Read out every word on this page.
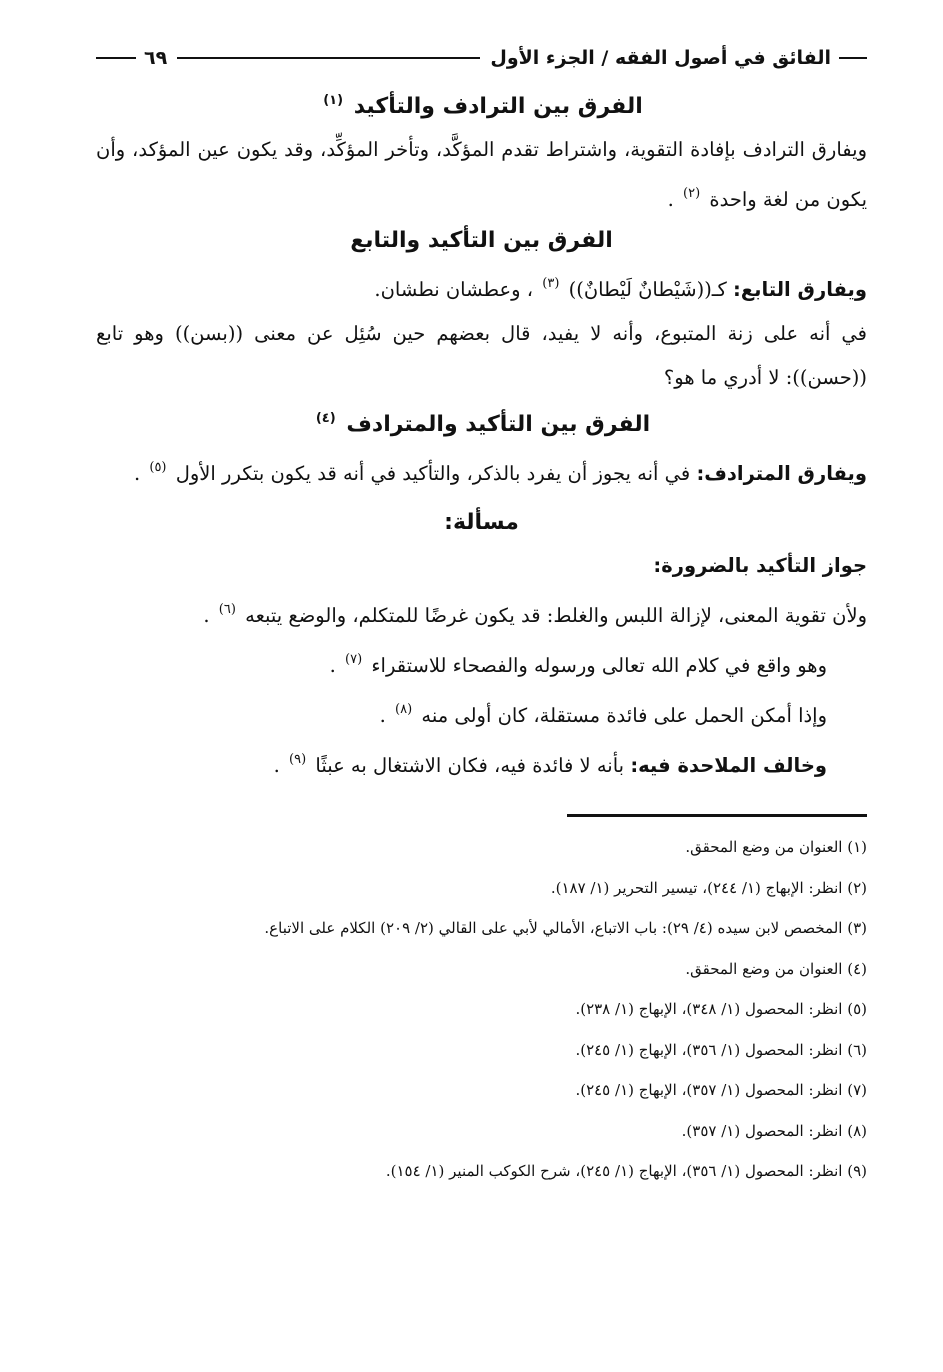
الفائق في أصول الفقه / الجزء الأول
٦٩
الفرق بين الترادف والتأكيد $^{(١)}$

ويفارق الترادف بإفادة التقوية، واشتراط تقدم المؤكَّد، وتأخر المؤكِّد، وقد يكون عين المؤكد، وأن يكون من لغة واحدة $^{(٢)}$ .

الفرق بين التأكيد والتابع

ويفارق التابع: كـ((شَيْطانٌ لَيْطانٌ)) $^{(٣)}$ ، وعطشان نطشان.

في أنه على زنة المتبوع، وأنه لا يفيد، قال بعضهم حين سُئِل عن معنى ((بسن)) وهو تابع ((حسن)): لا أدري ما هو؟

الفرق بين التأكيد والمترادف $^{(٤)}$

ويفارق المترادف: في أنه يجوز أن يفرد بالذكر، والتأكيد في أنه قد يكون بتكرر الأول $^{(٥)}$ .

مسألة:

جواز التأكيد بالضرورة:

ولأن تقوية المعنى، لإزالة اللبس والغلط: قد يكون غرضًا للمتكلم، والوضع يتبعه $^{(٦)}$ .

وهو واقع في كلام الله تعالى ورسوله والفصحاء للاستقراء $^{(٧)}$ .

وإذا أمكن الحمل على فائدة مستقلة، كان أولى منه $^{(٨)}$ .

وخالف الملاحدة فيه: بأنه لا فائدة فيه، فكان الاشتغال به عبثًا $^{(٩)}$ .

(١) العنوان من وضع المحقق.
(٢) انظر: الإبهاج (١/ ٢٤٤)، تيسير التحرير (١/ ١٨٧).
(٣) المخصص لابن سيده (٤/ ٢٩): باب الاتباع، الأمالي لأبي على القالي (٢/ ٢٠٩) الكلام على الاتباع.
(٤) العنوان من وضع المحقق.
(٥) انظر: المحصول (١/ ٣٤٨)، الإبهاج (١/ ٢٣٨).
(٦) انظر: المحصول (١/ ٣٥٦)، الإبهاج (١/ ٢٤٥).
(٧) انظر: المحصول (١/ ٣٥٧)، الإبهاج (١/ ٢٤٥).
(٨) انظر: المحصول (١/ ٣٥٧).
(٩) انظر: المحصول (١/ ٣٥٦)، الإبهاج (١/ ٢٤٥)، شرح الكوكب المنير (١/ ١٥٤).
